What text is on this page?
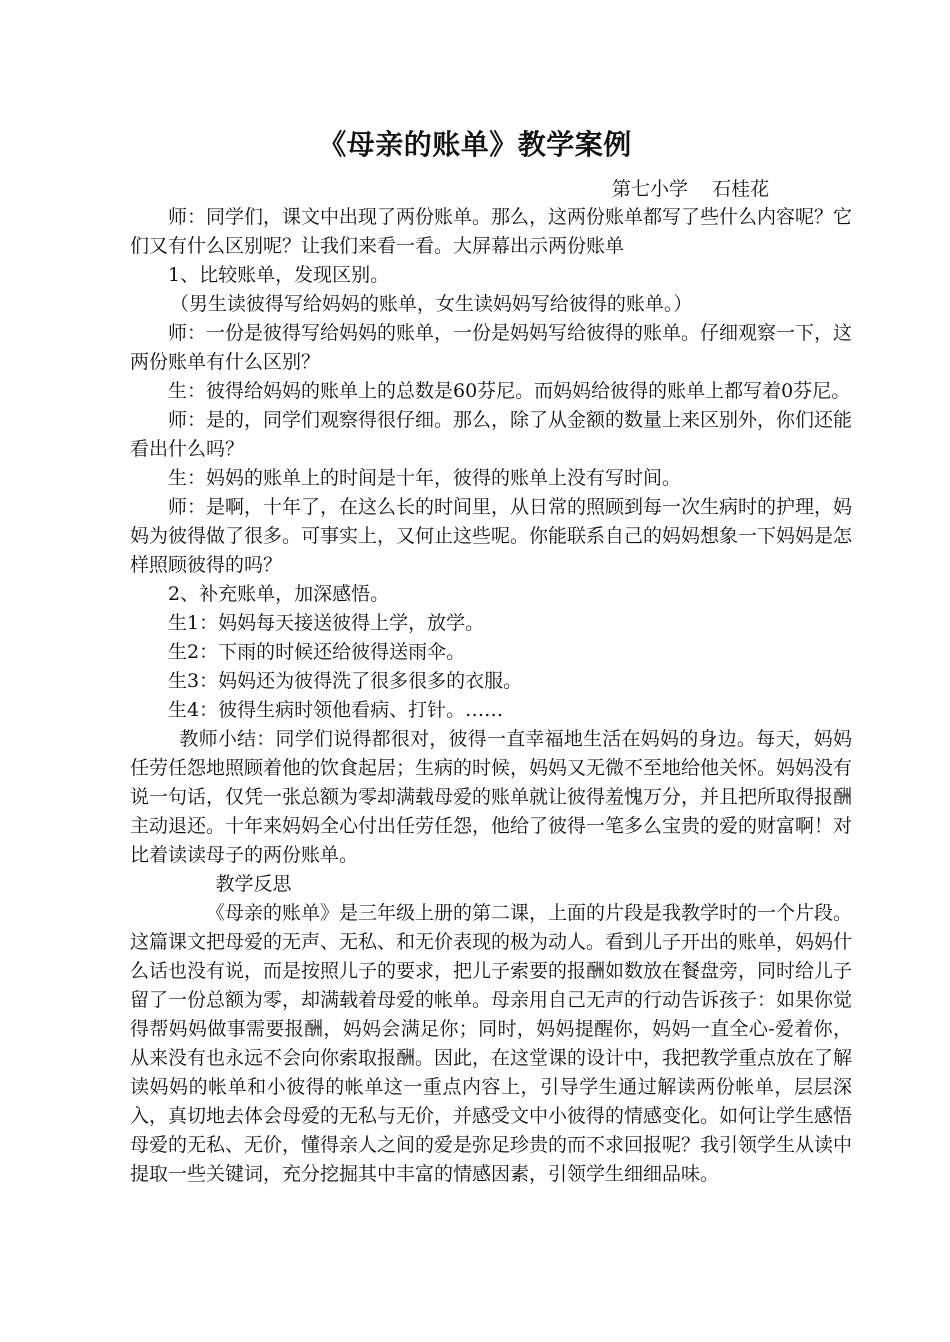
《母亲的账单》教学案例
第七小学    石桂花

师：同学们，课文中出现了两份账单。那么，这两份账单都写了些什么内容呢？它们又有什么区别呢？让我们来看一看。大屏幕出示两份账单

1、比较账单，发现区别。

（男生读彼得写给妈妈的账单，女生读妈妈写给彼得的账单。）

师：一份是彼得写给妈妈的账单，一份是妈妈写给彼得的账单。仔细观察一下，这两份账单有什么区别？

生：彼得给妈妈的账单上的总数是60芬尼。而妈妈给彼得的账单上都写着0芬尼。

师：是的，同学们观察得很仔细。那么，除了从金额的数量上来区别外，你们还能看出什么吗？

生：妈妈的账单上的时间是十年，彼得的账单上没有写时间。

师：是啊，十年了，在这么长的时间里，从日常的照顾到每一次生病时的护理，妈妈为彼得做了很多。可事实上，又何止这些呢。你能联系自己的妈妈想象一下妈妈是怎样照顾彼得的吗？

2、补充账单，加深感悟。

生1：妈妈每天接送彼得上学，放学。

生2：下雨的时候还给彼得送雨伞。

生3：妈妈还为彼得洗了很多很多的衣服。

生4：彼得生病时领他看病、打针。……

教师小结：同学们说得都很对，彼得一直幸福地生活在妈妈的身边。每天，妈妈任劳任怨地照顾着他的饮食起居；生病的时候，妈妈又无微不至地给他关怀。妈妈没有说一句话，仅凭一张总额为零却满载母爱的账单就让彼得羞愧万分，并且把所取得报酬主动退还。十年来妈妈全心付出任劳任怨，他给了彼得一笔多么宝贵的爱的财富啊！对比着读读母子的两份账单。

教学反思

《母亲的账单》是三年级上册的第二课，上面的片段是我教学时的一个片段。这篇课文把母爱的无声、无私、和无价表现的极为动人。看到儿子开出的账单，妈妈什么话也没有说，而是按照儿子的要求，把儿子索要的报酬如数放在餐盘旁，同时给儿子留了一份总额为零，却满载着母爱的帐单。母亲用自己无声的行动告诉孩子：如果你觉得帮妈妈做事需要报酬，妈妈会满足你；同时，妈妈提醒你，妈妈一直全心-爱着你，从来没有也永远不会向你索取报酬。因此，在这堂课的设计中，我把教学重点放在了解读妈妈的帐单和小彼得的帐单这一重点内容上，引导学生通过解读两份帐单，层层深入，真切地去体会母爱的无私与无价，并感受文中小彼得的情感变化。如何让学生感悟母爱的无私、无价，懂得亲人之间的爱是弥足珍贵的而不求回报呢？我引领学生从读中提取一些关键词，充分挖掘其中丰富的情感因素，引领学生细细品味。
